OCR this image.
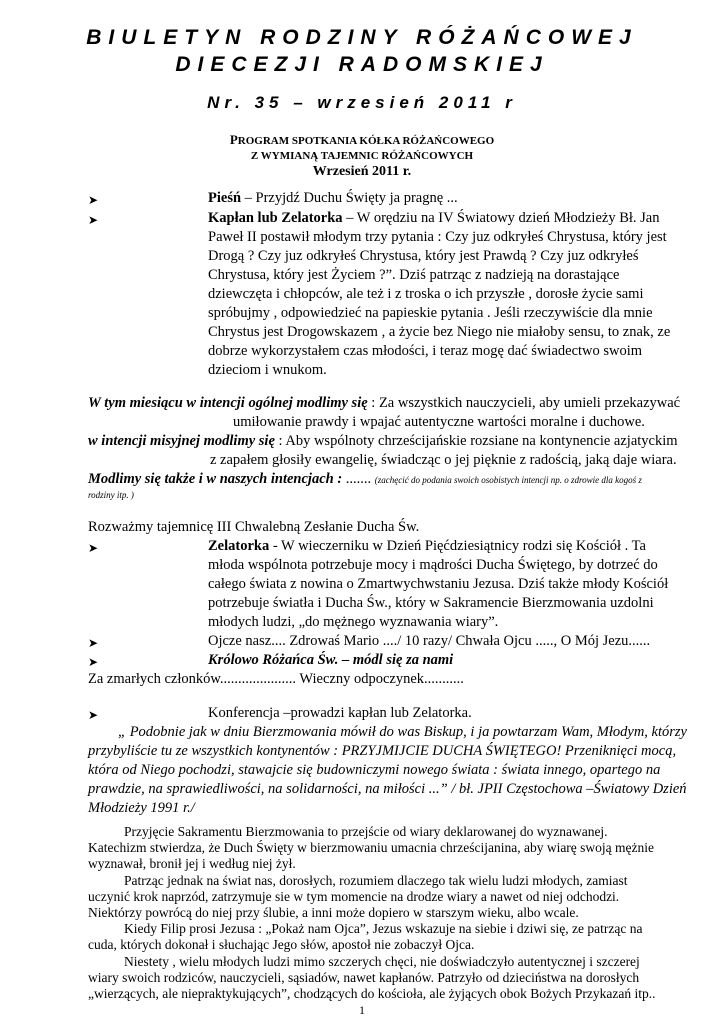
BIULETYN RODZINY RÓŻAŃCOWEJ
DIECEZJI RADOMSKIEJ
Nr. 35 – wrzesień 2011 r
PROGRAM SPOTKANIA KÓŁKA RÓŻAŃCOWEGO
Z WYMIANĄ TAJEMNIC RÓŻAŃCOWYCH
Wrzesień 2011 r.
➤	Pieśń – Przyjdź Duchu Święty ja pragnę ...
➤	Kapłan lub Zelatorka – W orędziu na IV Światowy dzień Młodzieży Bł. Jan
Paweł II postawił młodym trzy pytania : Czy juz odkryłeś Chrystusa, który jest
Drogą ? Czy juz odkryłeś Chrystusa, który jest Prawdą ? Czy juz odkryłeś
Chrystusa, który jest Życiem ?”. Dziś patrząc z nadzieją na dorastające
dziewczęta i chłopców, ale też i z troska o ich przyszłe , dorosłe życie sami
spróbujmy , odpowiedzieć na papieskie pytania . Jeśli rzeczywiście dla mnie
Chrystus jest Drogowskazem , a życie bez Niego nie miałoby sensu, to znak, ze
dobrze wykorzystałem czas młodości, i teraz mogę dać świadectwo swoim
dzieciom i wnukom.
W tym miesiącu w intencji ogólnej modlimy się : Za wszystkich nauczycieli, aby umieli przekazywać
umiłowanie prawdy i wpajać autentyczne wartości moralne i duchowe.
w intencji misyjnej modlimy się : Aby wspólnoty chrześcijańskie rozsiane na kontynencie azjatyckim
z zapałem głosiły ewangelię, świadcząc o jej pięknie z radością, jaką daje wiara.
Modlimy się także i w naszych intencjach : ....... (zachęcić do podania swoich osobistych intencji np. o zdrowie dla kogoś z
rodziny itp. )
Rozważmy tajemnicę III Chwalebną Zesłanie Ducha Św.
➤	Zelatorka - W wieczerniku w Dzień Pięćdziesiątnicy rodzi się Kościół . Ta
młoda wspólnota potrzebuje mocy i mądrości Ducha Świętego, by dotrzeć do
całego świata z nowina o Zmartwychwstaniu Jezusa. Dziś także młody Kościół
potrzebuje światła i Ducha Św., który w Sakramencie Bierzmowania uzdolni
młodych ludzi, „do mężnego wyznawania wiary”.
➤	Ojcze nasz.... Zdrowaś Mario ..../ 10 razy/ Chwała Ojcu ....., O Mój Jezu......
➤	Królowo Różańca Św. – módl się za nami
Za zmarłych członków..................... Wieczny odpoczynek...........
➤	Konferencja –prowadzi kapłan lub Zelatorka.
„ Podobnie jak w dniu Bierzmowania mówił do was Biskup, i ja powtarzam Wam, Młodym, którzy
przybyliście tu ze wszystkich kontynentów : PRZYJMIJCIE DUCHA ŚWIĘTEGO! Przeniknięci mocą,
która od Niego pochodzi, stawajcie się budowniczymi nowego świata : świata innego, opartego na
prawdzie, na sprawiedliwości, na solidarności, na miłości ...” / bł. JPII Częstochowa –Światowy Dzień
Młodzieży 1991 r./
Przyjęcie Sakramentu Bierzmowania to przejście od wiary deklarowanej do wyznawanej.
Katechizm stwierdza, że Duch Święty w bierzmowaniu umacnia chrześcijanina, aby wiarę swoją mężnie
wyznawał, bronił jej i według niej żył.
Patrząc jednak na świat nas, dorosłych, rozumiem dlaczego tak wielu ludzi młodych, zamiast
uczynić krok naprzód, zatrzymuje sie w tym momencie na drodze wiary a nawet od niej odchodzi.
Niektórzy powrócą do niej przy ślubie, a inni może dopiero w starszym wieku, albo wcale.
Kiedy Filip prosi Jezusa : „Pokaż nam Ojca”, Jezus wskazuje na siebie i dziwi się, ze patrząc na
cuda, których dokonał i słuchając Jego słów, apostoł nie zobaczył Ojca.
Niestety , wielu młodych ludzi mimo szczerych chęci, nie doświadczyło autentycznej i szczerej
wiary swoich rodziców, nauczycieli, sąsiadów, nawet kapłanów. Patrzyło od dzieciństwa na dorosłych
„wierzących, ale niepraktykujących”, chodzących do kościoła, ale żyjących obok Bożych Przykazań itp..
1
